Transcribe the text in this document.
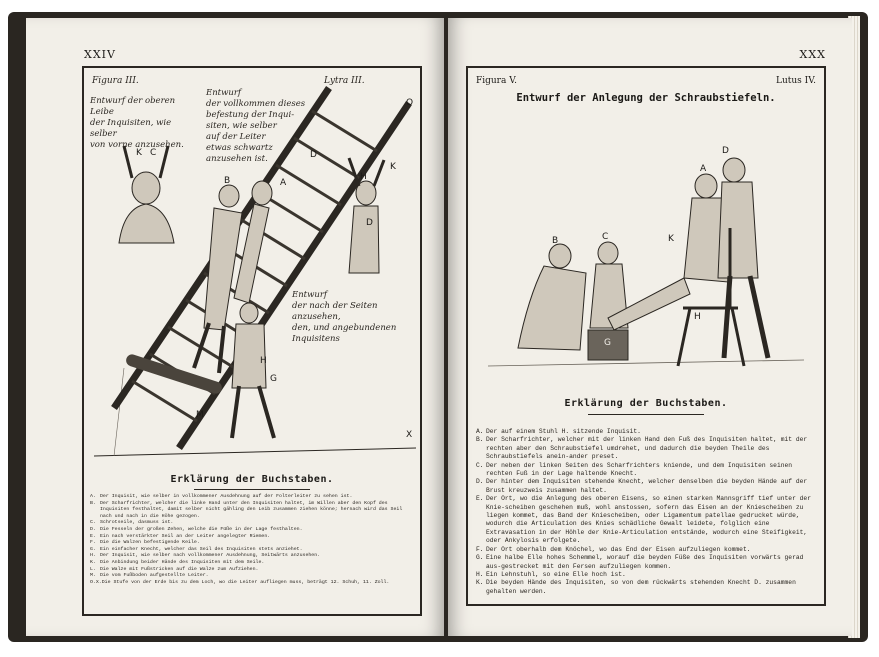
XXIV
Figura III.	Lytra III.
Entwurf der oberen Leibe
der Inquisiten, wie selber
von vorne anzusehen.
Entwurf
der vollkommen dieses
befestung der Inqui-
siten, wie selber
auf der Leiter
etwas schwartz
anzusehen ist.
Entwurf
der nach der Seiten anzusehen,
den, und angebundenen Inquisitens
K C
B	A
D
H
K
D
O
G
H
X
M
Erklärung der Buchstaben.
A. Der Inquisit, wie selber in vollkommener Ausdehnung auf der Folterleiter zu sehen ist.
B. Der Scharfrichter, welcher die linke Hand unter den Inquisiten haltet, im Willen aber den Kopf des Inquisiten festhaltet, damit selber nicht gähling den Leib zusammen ziehen könne; hernach wird das Seil nach und nach in die Höhe gezogen.
C. Schrotseile, dasmuss ist.
D. Die Fesseln der großen Zehen, welche die Füße in der Lage festhalten.
E. Ein nach verstärkter Seil an der Leiter angelegter Riemen.
F. Die die Walzen befestigende Keile.
G. Ein einfacher Knecht, welcher das Seil des Inquisiten stets anziehet.
H. Der Inquisit, wie selber nach vollkommener Ausdehnung, Seitwärts anzusehen.
K. Die Anbindung beider Hände des Inquisiten mit dem Seile.
L. Die Walze mit Fußstricken auf die Walze zum Aufziehen.
M. Die vom Fußboden aufgestellte Leiter.
O.X. Die Stufe von der Erde bis zu dem Loch, wo die Leiter aufliegen muss, beträgt 12. Schuh, 11. Zoll.
XXX
Figura V.	Lutus IV.
Entwurf der Anlegung der Schraubstiefeln.
D
A
B	C	K
H
G
Erklärung der Buchstaben.
A. Der auf einem Stuhl H. sitzende Inquisit.
B. Der Scharfrichter, welcher mit der linken Hand den Fuß des Inquisiten haltet, mit der rechten aber den Schraubstiefel umdrehet, und dadurch die beyden Theile des Schraubstiefels anein-ander preset.
C. Der neben der linken Seiten des Scharfrichters kniende, und dem Inquisiten seinen rechten Fuß in der Lage haltende Knecht.
D. Der hinter dem Inquisiten stehende Knecht, welcher denselben die beyden Hände auf der Brust kreuzweis zusammen haltet.
E. Der Ort, wo die Anlegung des oberen Eisens, so einen starken Mannsgriff tief unter der Knie-scheiben geschehen muß, wohl anstossen, sofern das Eisen an der Kniescheiben zu liegen kommet, das Band der Kniescheiben, oder Ligamentum patellae gedrucket würde, wodurch die Articulation des Knies schädliche Gewalt leidete, folglich eine Extravasation in der Höhle der Knie-Articulation entstände, wodurch eine Steifigkeit, oder Ankylosis erfolgete.
F. Der Ort oberhalb dem Knöchel, wo das End der Eisen aufzuliegen kommet.
G. Eine halbe Elle hohes Schemmel, worauf die beyden Füße des Inquisiten vorwärts gerad aus-gestrecket mit den Fersen aufzuliegen kommen.
H. Ein Lehnstuhl, so eine Elle hoch ist.
K. Die beyden Hände des Inquisiten, so von dem rückwärts stehenden Knecht D. zusammen gehalten werden.
